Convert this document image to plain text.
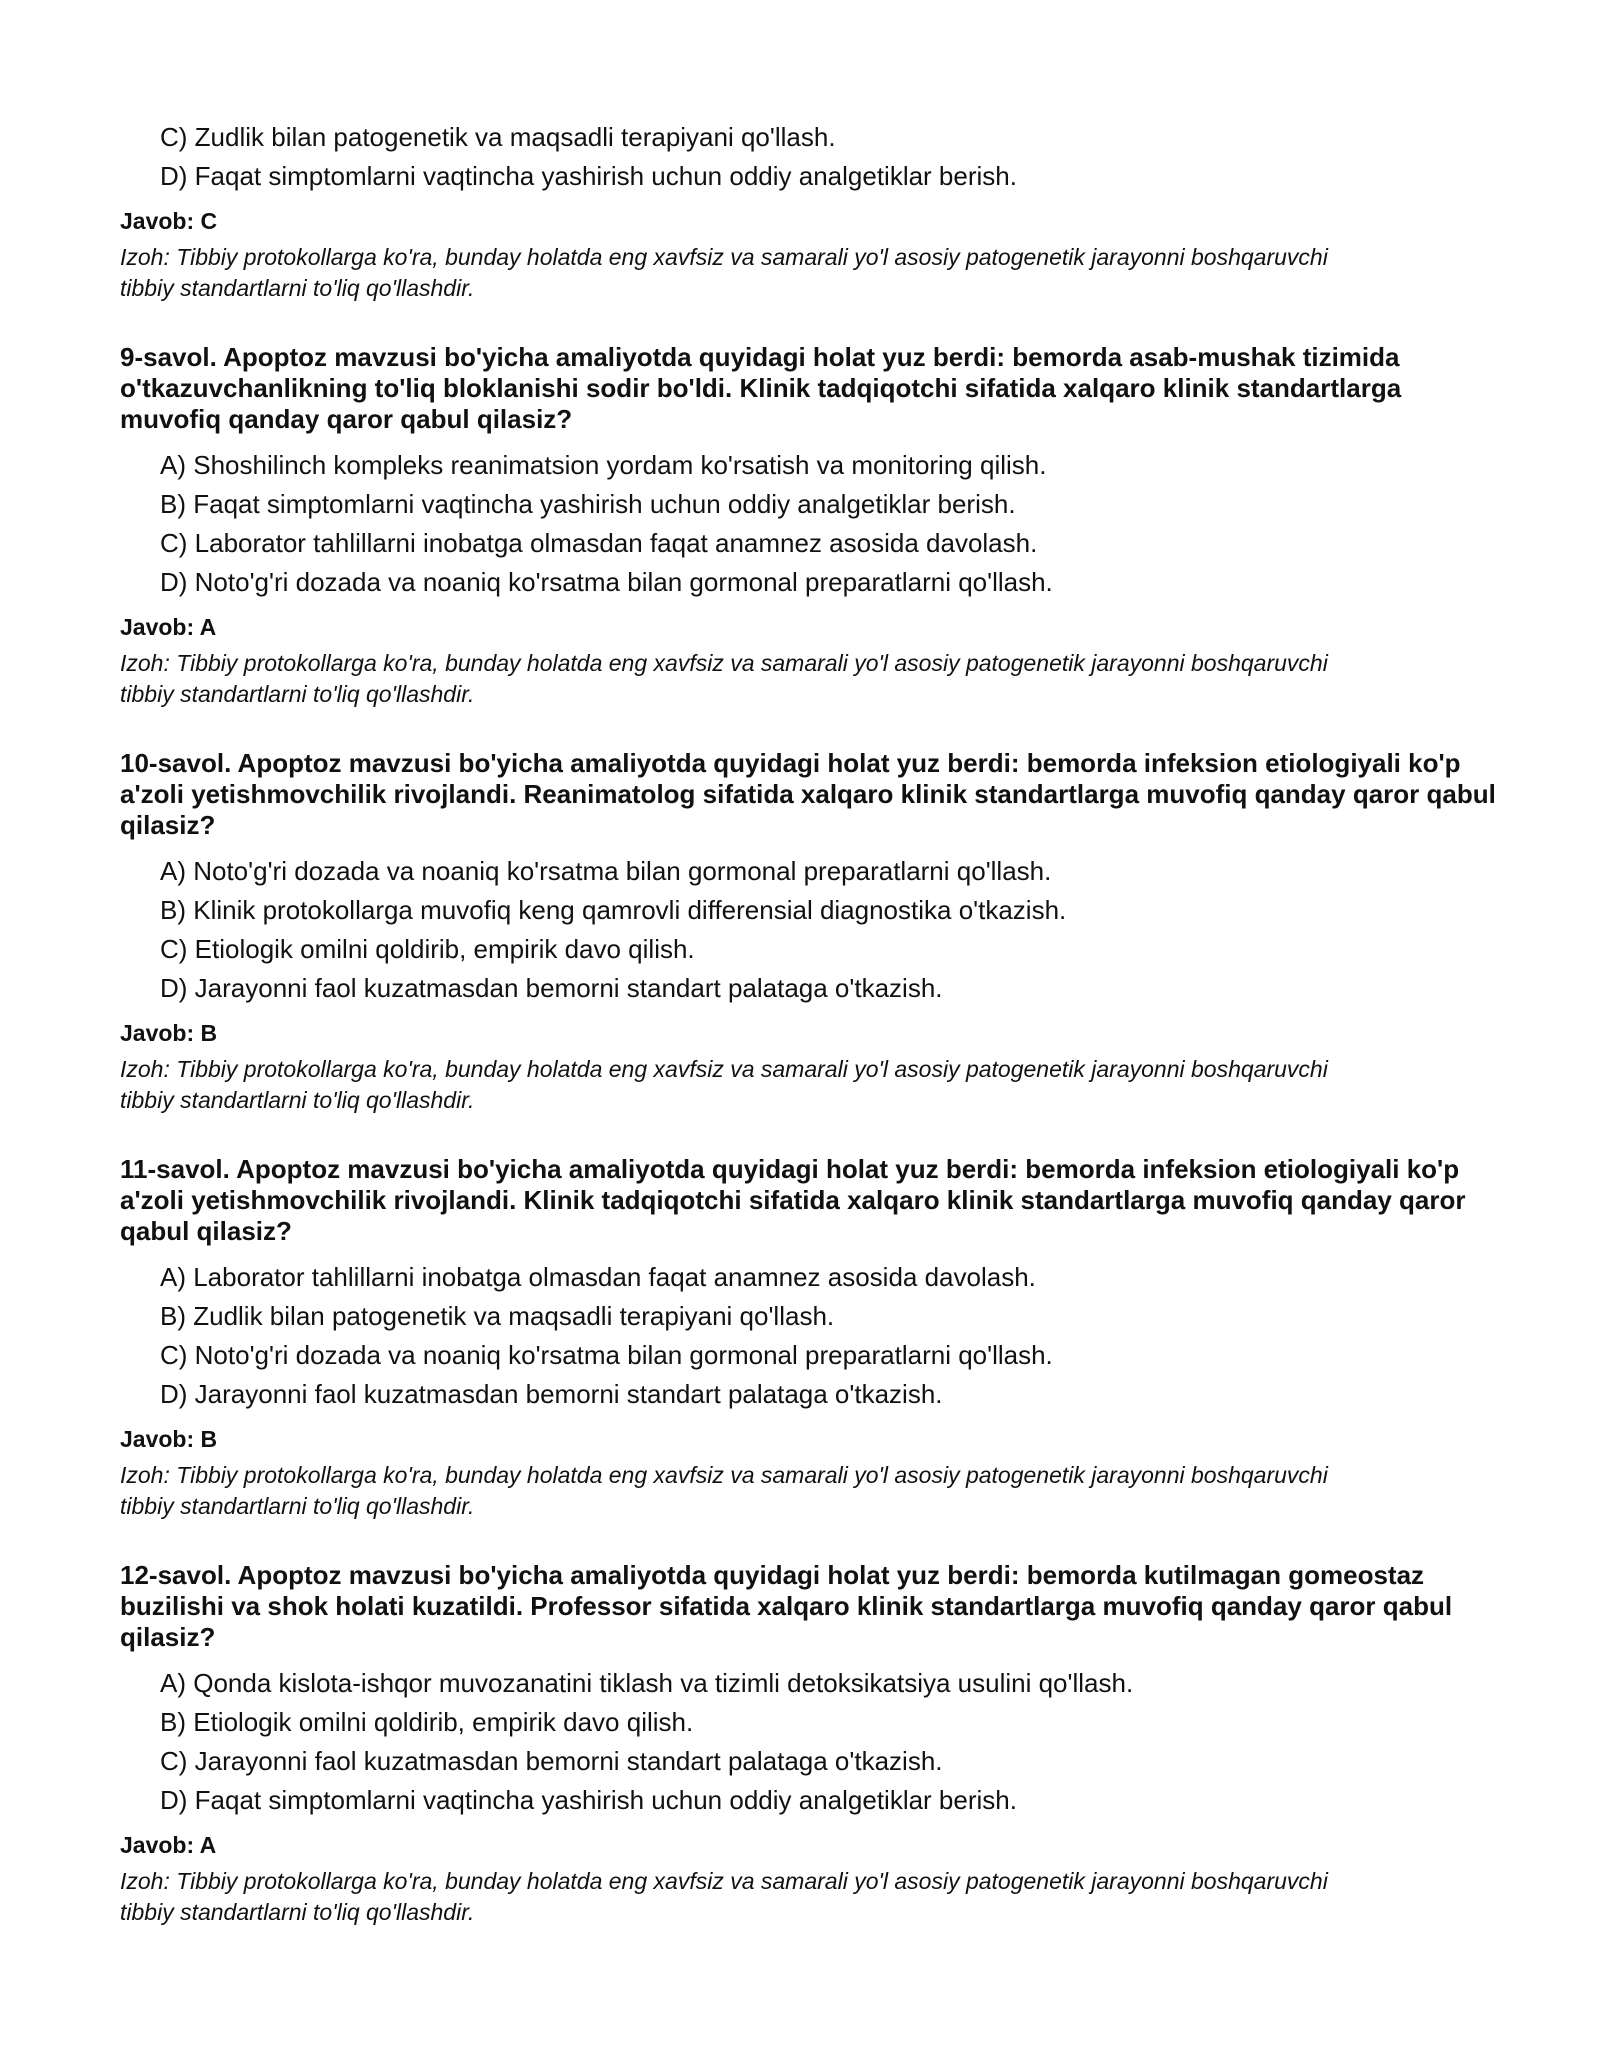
C) Zudlik bilan patogenetik va maqsadli terapiyani qo'llash.
D) Faqat simptomlarni vaqtincha yashirish uchun oddiy analgetiklar berish.
Javob: C
Izoh: Tibbiy protokollarga ko'ra, bunday holatda eng xavfsiz va samarali yo'l asosiy patogenetik jarayonni boshqaruvchi tibbiy standartlarni to'liq qo'llashdir.
9-savol. Apoptoz mavzusi bo'yicha amaliyotda quyidagi holat yuz berdi: bemorda asab-mushak tizimida o'tkazuvchanlikning to'liq bloklanishi sodir bo'ldi. Klinik tadqiqotchi sifatida xalqaro klinik standartlarga muvofiq qanday qaror qabul qilasiz?
A) Shoshilinch kompleks reanimatsion yordam ko'rsatish va monitoring qilish.
B) Faqat simptomlarni vaqtincha yashirish uchun oddiy analgetiklar berish.
C) Laborator tahlillarni inobatga olmasdan faqat anamnez asosida davolash.
D) Noto'g'ri dozada va noaniq ko'rsatma bilan gormonal preparatlarni qo'llash.
Javob: A
Izoh: Tibbiy protokollarga ko'ra, bunday holatda eng xavfsiz va samarali yo'l asosiy patogenetik jarayonni boshqaruvchi tibbiy standartlarni to'liq qo'llashdir.
10-savol. Apoptoz mavzusi bo'yicha amaliyotda quyidagi holat yuz berdi: bemorda infeksion etiologiyali ko'p a'zoli yetishmovchilik rivojlandi. Reanimatolog sifatida xalqaro klinik standartlarga muvofiq qanday qaror qabul qilasiz?
A) Noto'g'ri dozada va noaniq ko'rsatma bilan gormonal preparatlarni qo'llash.
B) Klinik protokollarga muvofiq keng qamrovli differensial diagnostika o'tkazish.
C) Etiologik omilni qoldirib, empirik davo qilish.
D) Jarayonni faol kuzatmasdan bemorni standart palataga o'tkazish.
Javob: B
Izoh: Tibbiy protokollarga ko'ra, bunday holatda eng xavfsiz va samarali yo'l asosiy patogenetik jarayonni boshqaruvchi tibbiy standartlarni to'liq qo'llashdir.
11-savol. Apoptoz mavzusi bo'yicha amaliyotda quyidagi holat yuz berdi: bemorda infeksion etiologiyali ko'p a'zoli yetishmovchilik rivojlandi. Klinik tadqiqotchi sifatida xalqaro klinik standartlarga muvofiq qanday qaror qabul qilasiz?
A) Laborator tahlillarni inobatga olmasdan faqat anamnez asosida davolash.
B) Zudlik bilan patogenetik va maqsadli terapiyani qo'llash.
C) Noto'g'ri dozada va noaniq ko'rsatma bilan gormonal preparatlarni qo'llash.
D) Jarayonni faol kuzatmasdan bemorni standart palataga o'tkazish.
Javob: B
Izoh: Tibbiy protokollarga ko'ra, bunday holatda eng xavfsiz va samarali yo'l asosiy patogenetik jarayonni boshqaruvchi tibbiy standartlarni to'liq qo'llashdir.
12-savol. Apoptoz mavzusi bo'yicha amaliyotda quyidagi holat yuz berdi: bemorda kutilmagan gomeostaz buzilishi va shok holati kuzatildi. Professor sifatida xalqaro klinik standartlarga muvofiq qanday qaror qabul qilasiz?
A) Qonda kislota-ishqor muvozanatini tiklash va tizimli detoksikatsiya usulini qo'llash.
B) Etiologik omilni qoldirib, empirik davo qilish.
C) Jarayonni faol kuzatmasdan bemorni standart palataga o'tkazish.
D) Faqat simptomlarni vaqtincha yashirish uchun oddiy analgetiklar berish.
Javob: A
Izoh: Tibbiy protokollarga ko'ra, bunday holatda eng xavfsiz va samarali yo'l asosiy patogenetik jarayonni boshqaruvchi tibbiy standartlarni to'liq qo'llashdir.
